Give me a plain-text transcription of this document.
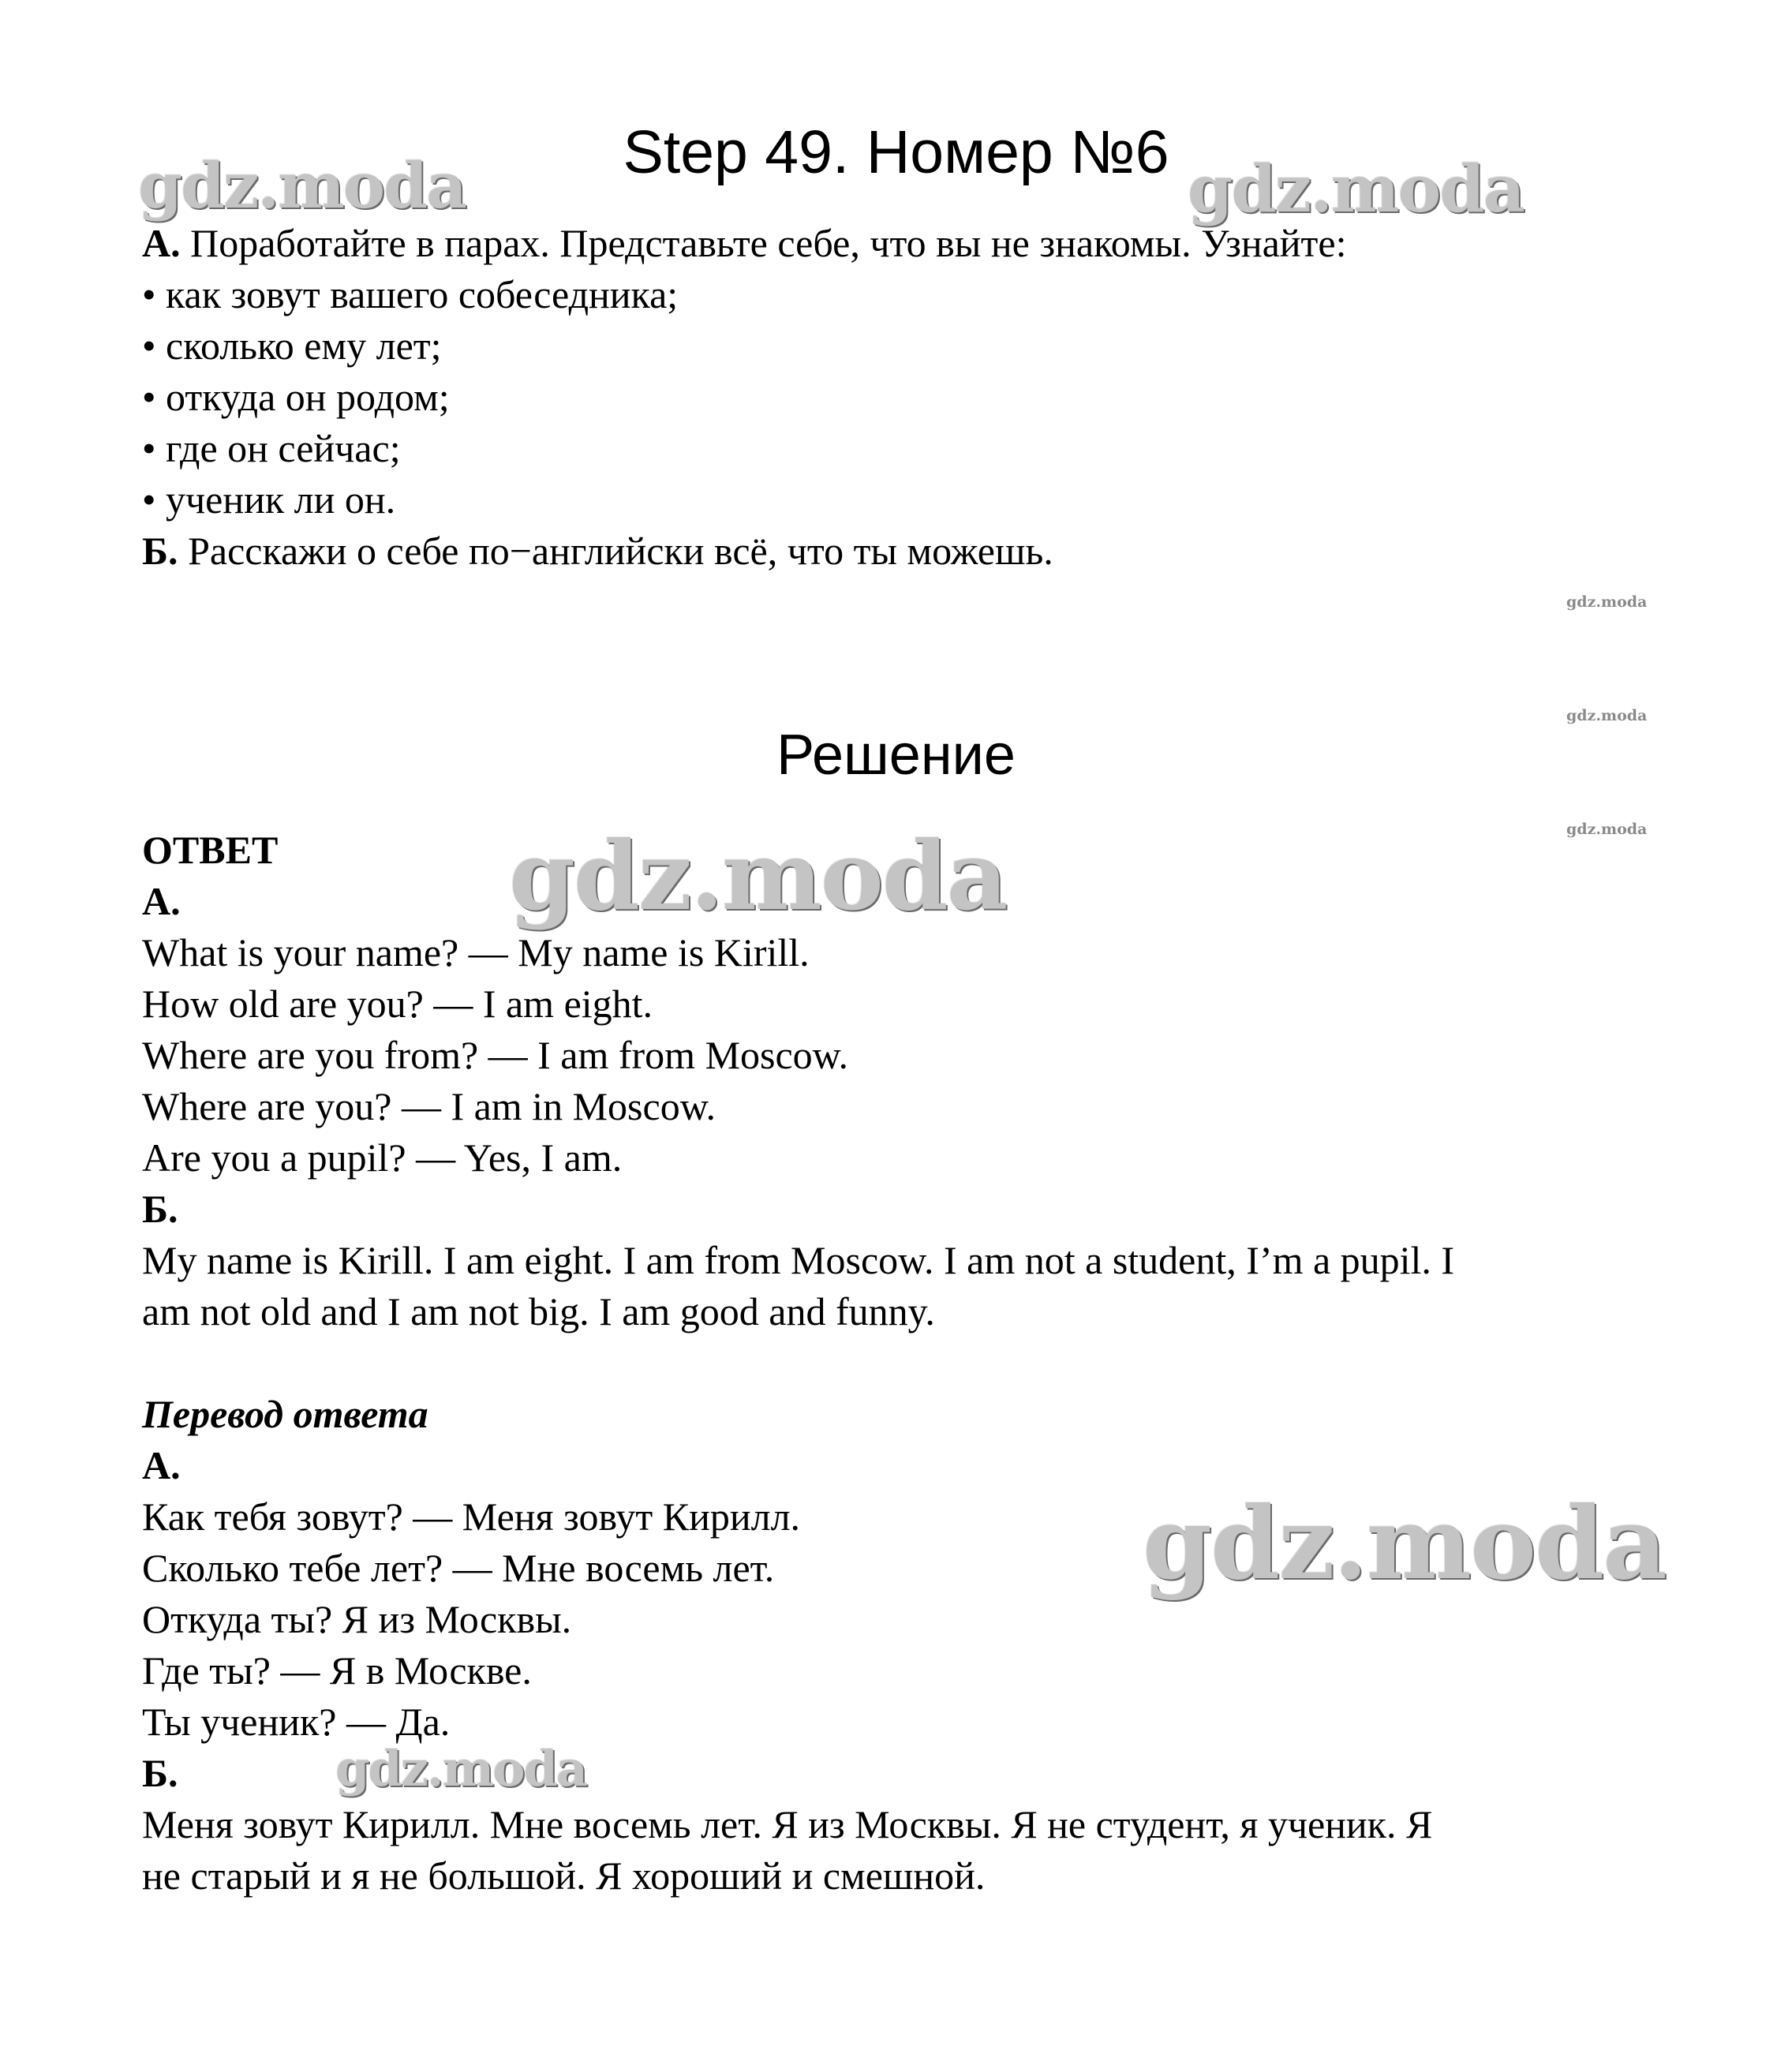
gdz.moda	gdz.moda
gdz.moda
gdz.moda
gdz.moda
gdz.moda
gdz.moda
gdz.moda
Step 49. Номер №6

А. Поработайте в парах. Представьте себе, что вы не знакомы. Узнайте:

• как зовут вашего собеседника;

• сколько ему лет;

• откуда он родом;

• где он сейчас;

• ученик ли он.

Б. Расскажи о себе по−английски всё, что ты можешь.

Решение

ОТВЕТ

А.

What is your name? — My name is Kirill.

How old are you? — I am eight.

Where are you from? — I am from Moscow.

Where are you? — I am in Moscow.

Are you a pupil? — Yes, I am.

Б.

My name is Kirill. I am eight. I am from Moscow. I am not a student, I’m a pupil. I

am not old and I am not big. I am good and funny.

Перевод ответа

А.

Как тебя зовут? — Меня зовут Кирилл.

Сколько тебе лет? — Мне восемь лет.

Откуда ты? Я из Москвы.

Где ты? — Я в Москве.

Ты ученик? — Да.

Б.

Меня зовут Кирилл. Мне восемь лет. Я из Москвы. Я не студент, я ученик. Я

не старый и я не большой. Я хороший и смешной.
